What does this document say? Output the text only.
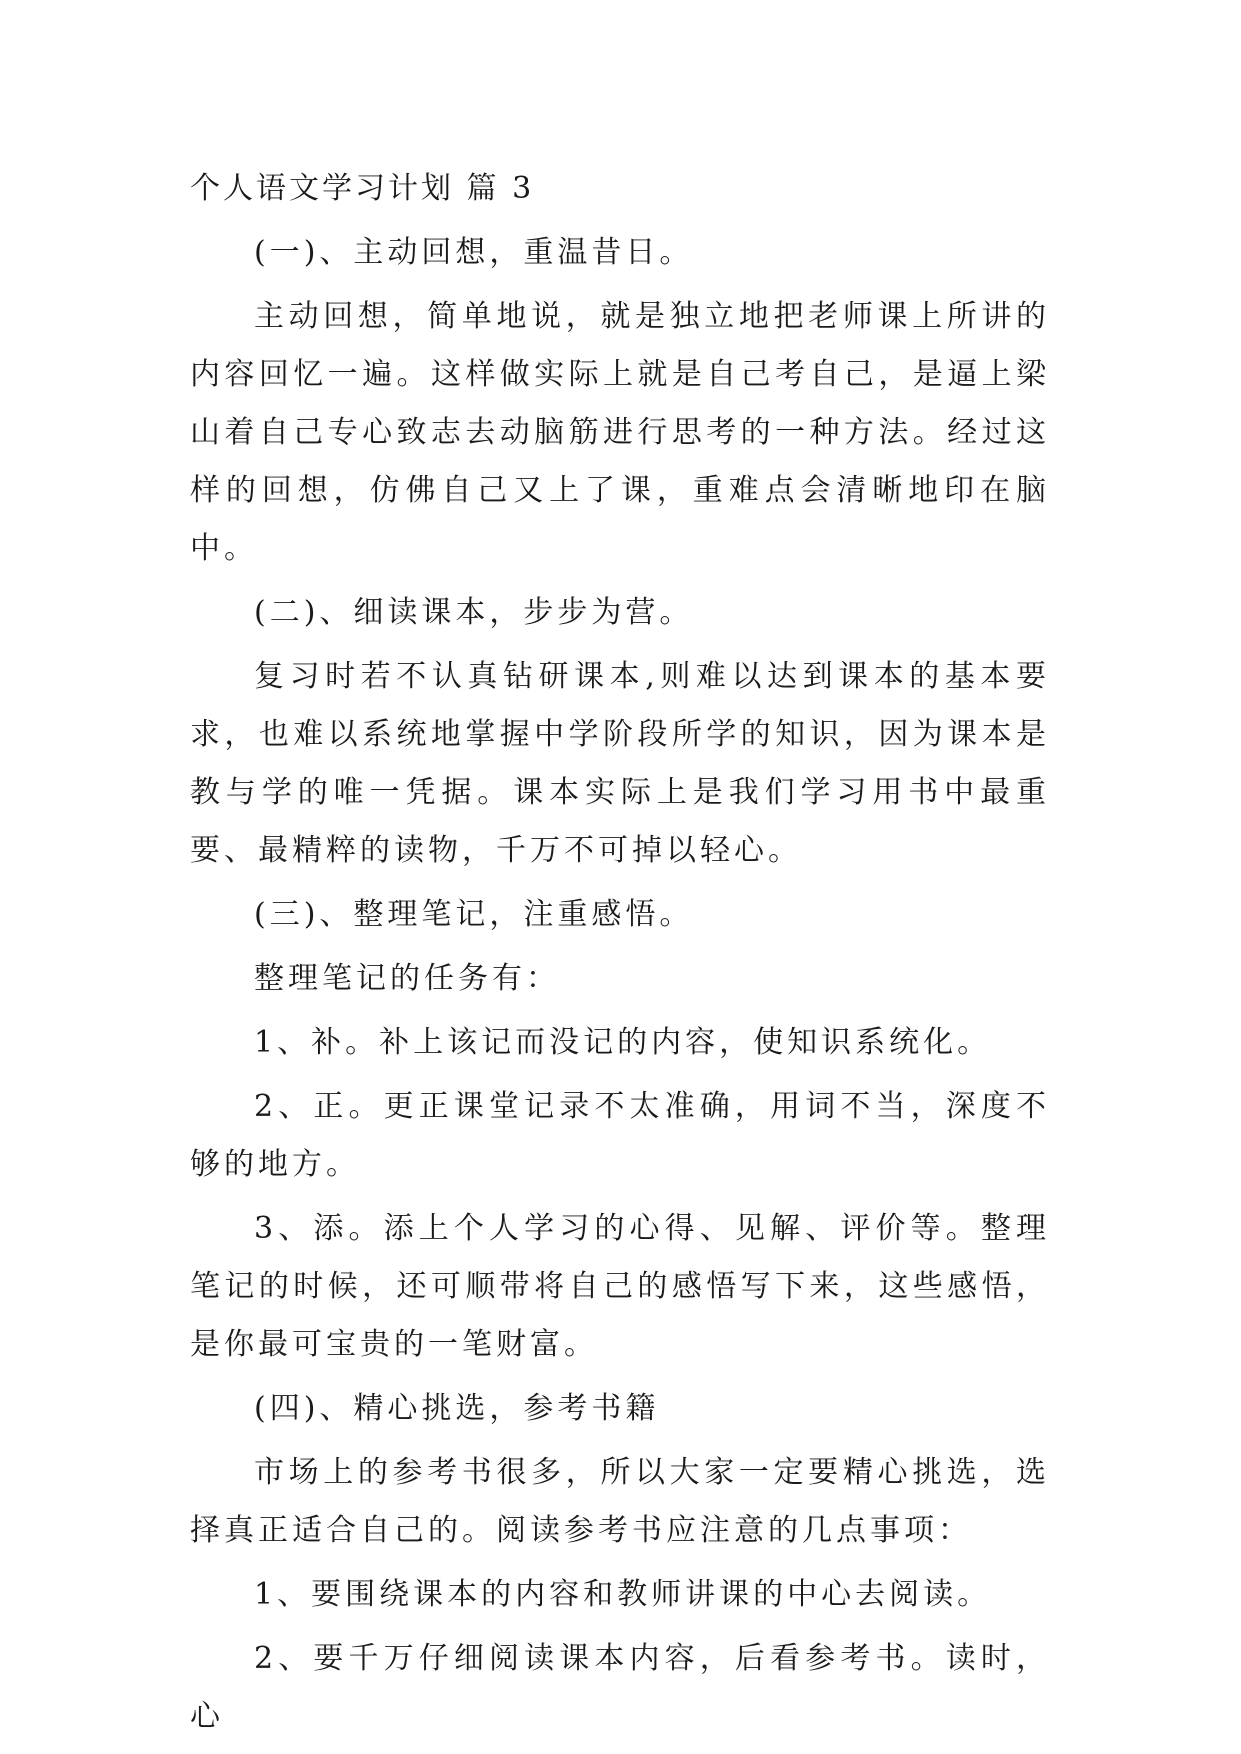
个人语文学习计划 篇 3

(一)、主动回想，重温昔日。

主动回想，简单地说，就是独立地把老师课上所讲的内容回忆一遍。这样做实际上就是自己考自己，是逼上梁山着自己专心致志去动脑筋进行思考的一种方法。经过这样的回想，仿佛自己又上了课，重难点会清晰地印在脑中。

(二)、细读课本，步步为营。

复习时若不认真钻研课本,则难以达到课本的基本要求，也难以系统地掌握中学阶段所学的知识，因为课本是教与学的唯一凭据。课本实际上是我们学习用书中最重要、最精粹的读物，千万不可掉以轻心。

(三)、整理笔记，注重感悟。

整理笔记的任务有：

1、补。补上该记而没记的内容，使知识系统化。

2、正。更正课堂记录不太准确，用词不当，深度不够的地方。

3、添。添上个人学习的心得、见解、评价等。整理笔记的时候，还可顺带将自己的感悟写下来，这些感悟，是你最可宝贵的一笔财富。

(四)、精心挑选，参考书籍

市场上的参考书很多，所以大家一定要精心挑选，选择真正适合自己的。阅读参考书应注意的几点事项：

1、要围绕课本的内容和教师讲课的中心去阅读。

2、要千万仔细阅读课本内容，后看参考书。读时，心
